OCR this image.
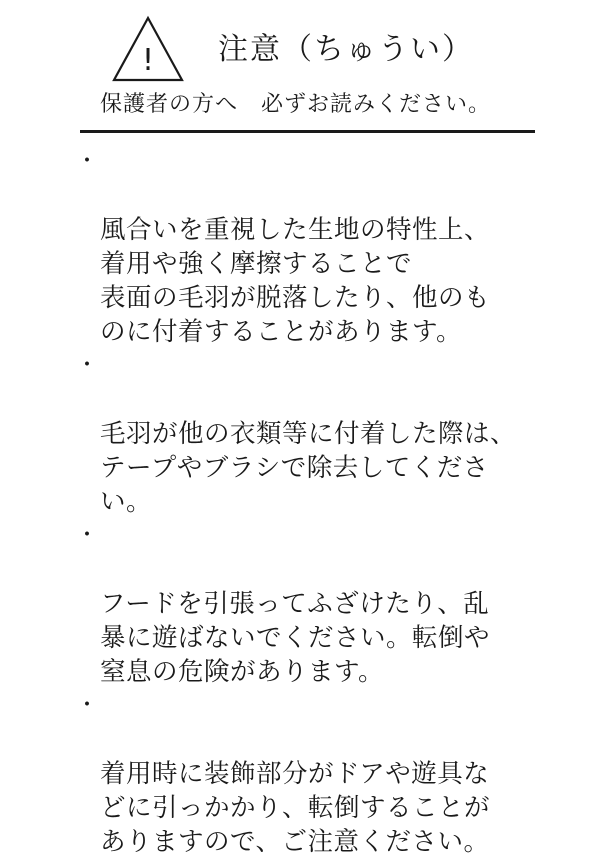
! 注意（ちゅうい）
保護者の方へ　必ずお読みください。

・

風合いを重視した生地の特性上、
着用や強く摩擦することで
表面の毛羽が脱落したり、他のも
のに付着することがあります。

・

毛羽が他の衣類等に付着した際は、
テープやブラシで除去してくださ
い。

・

フードを引張ってふざけたり、乱
暴に遊ばないでください。転倒や
窒息の危険があります。

・

着用時に装飾部分がドアや遊具な
どに引っかかり、転倒することが
ありますので、ご注意ください。
